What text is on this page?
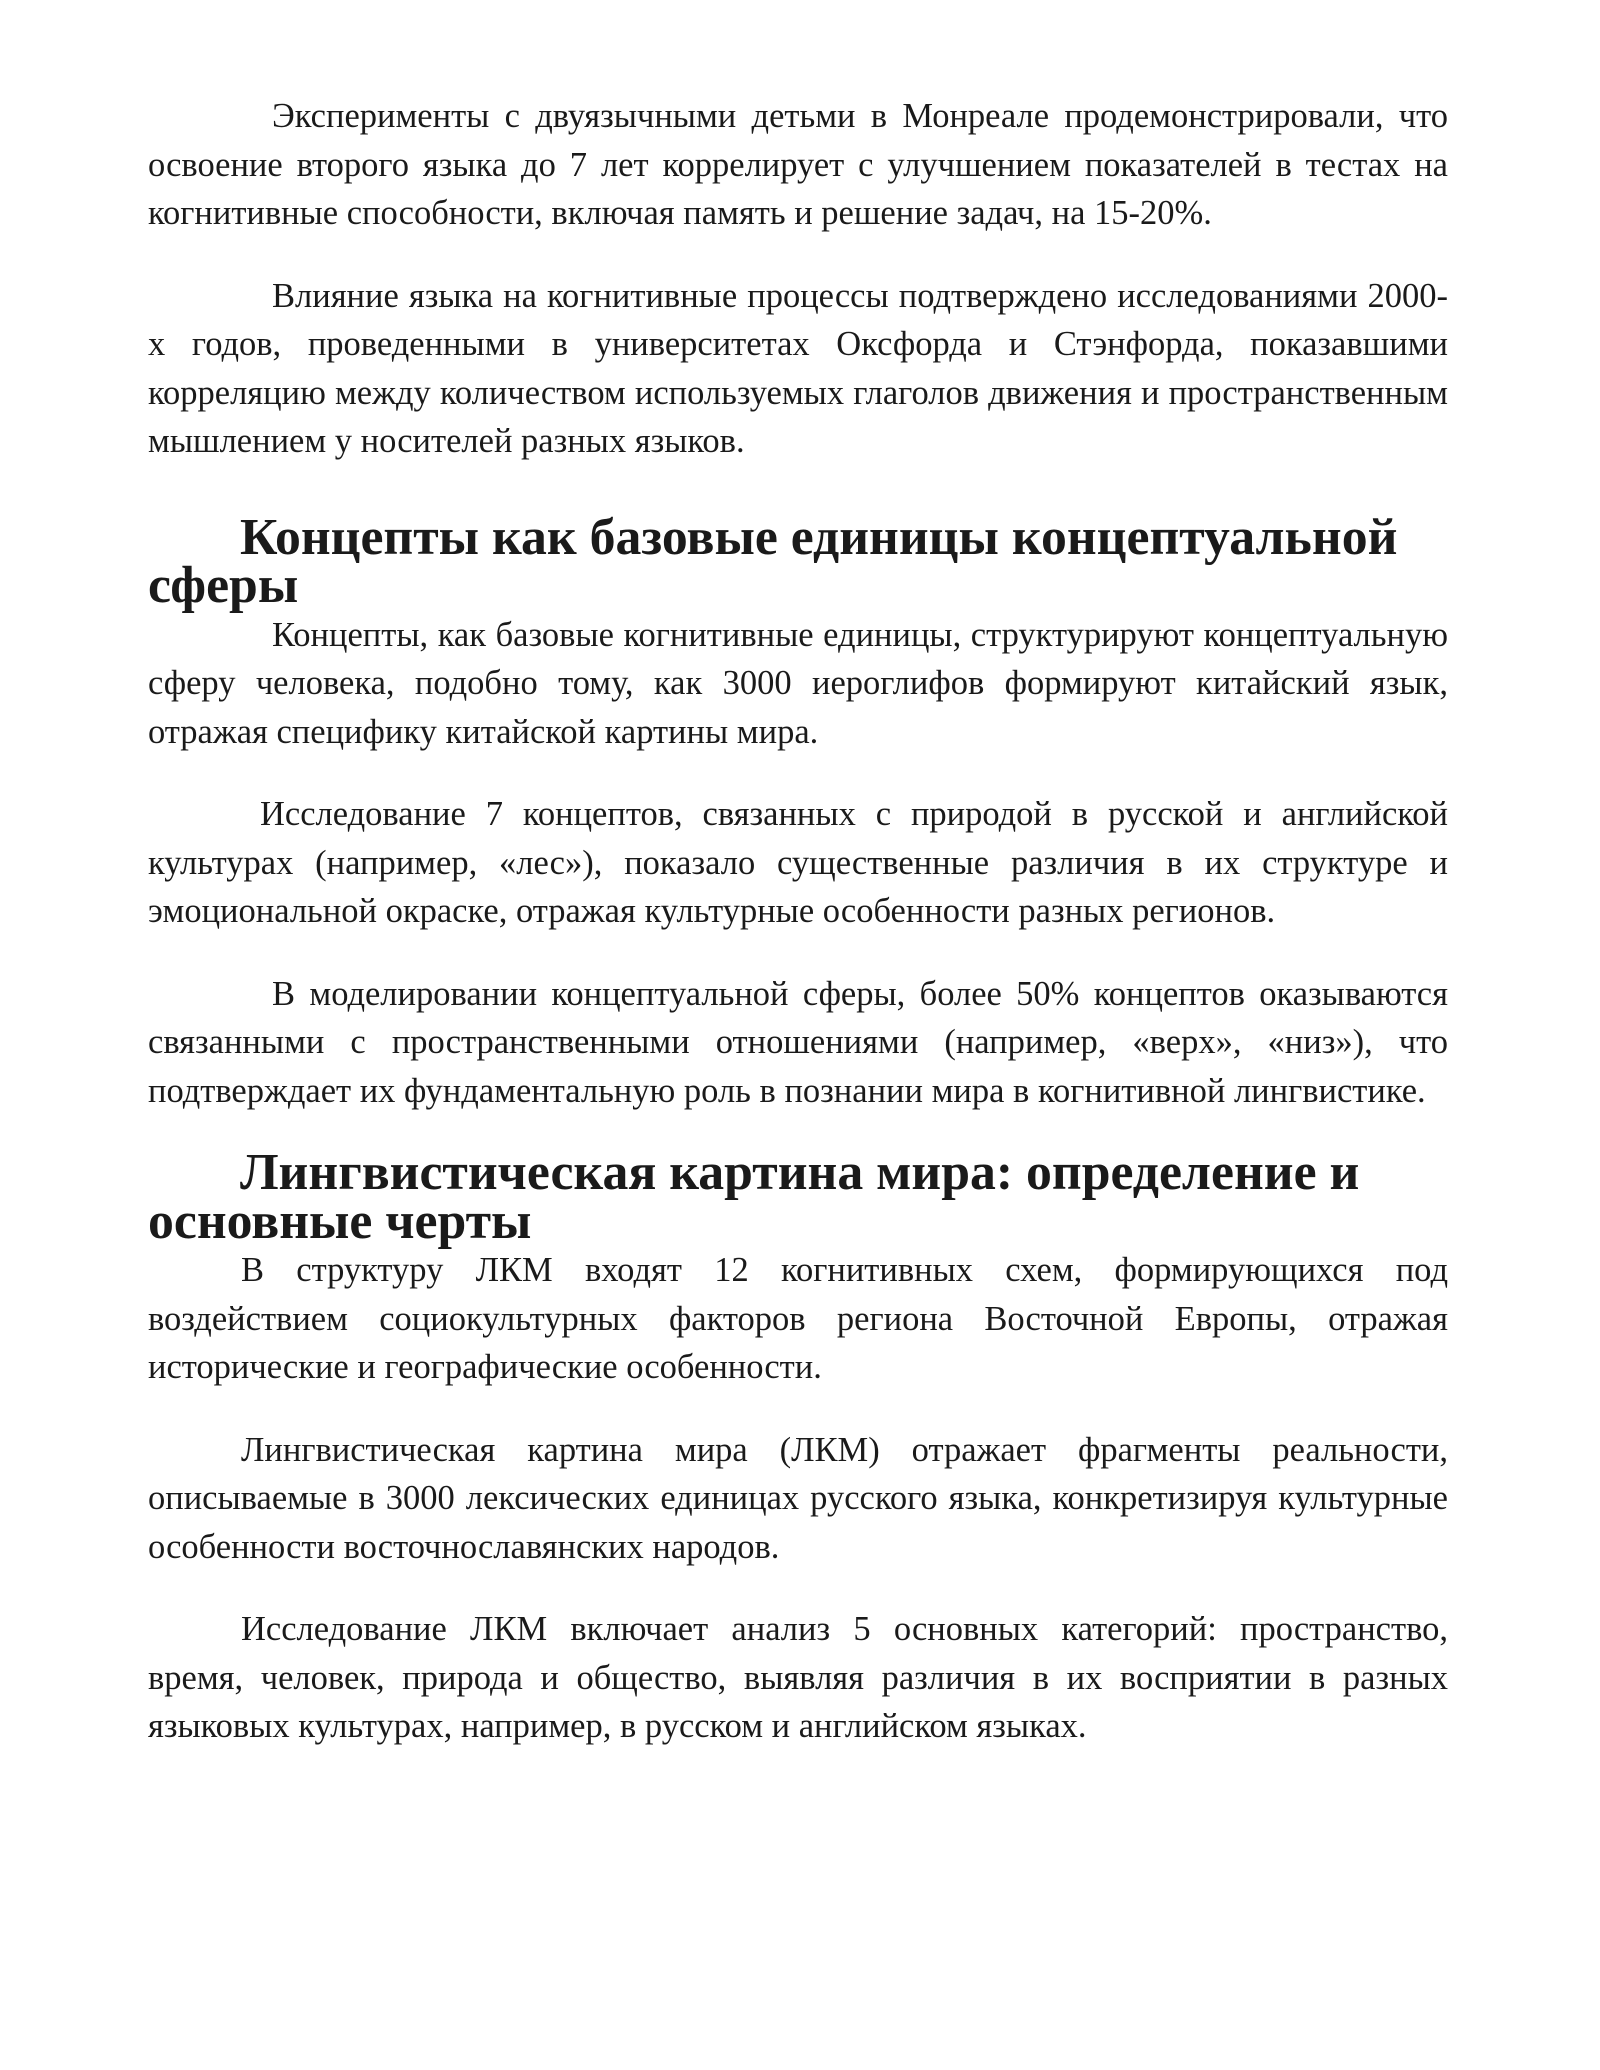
Эксперименты с двуязычными детьми в Монреале продемонстрировали, что освоение второго языка до 7 лет коррелирует с улучшением показателей в тестах на когнитивные способности, включая память и решение задач, на 15-20%.

Влияние языка на когнитивные процессы подтверждено исследованиями 2000-х годов, проведенными в университетах Оксфорда и Стэнфорда, показавшими корреляцию между количеством используемых глаголов движения и пространственным мышлением у носителей разных языков.

Концепты как базовые единицы концептуальной сферы

Концепты, как базовые когнитивные единицы, структурируют концептуальную сферу человека, подобно тому, как 3000 иероглифов формируют китайский язык, отражая специфику китайской картины мира.

Исследование 7 концептов, связанных с природой в русской и английской культурах (например, «лес»), показало существенные различия в их структуре и эмоциональной окраске, отражая культурные особенности разных регионов.

В моделировании концептуальной сферы, более 50% концептов оказываются связанными с пространственными отношениями (например, «верх», «низ»), что подтверждает их фундаментальную роль в познании мира в когнитивной лингвистике.

Лингвистическая картина мира: определение и основные черты

В структуру ЛКМ входят 12 когнитивных схем, формирующихся под воздействием социокультурных факторов региона Восточной Европы, отражая исторические и географические особенности.

Лингвистическая картина мира (ЛКМ) отражает фрагменты реальности, описываемые в 3000 лексических единицах русского языка, конкретизируя культурные особенности восточнославянских народов.

Исследование ЛКМ включает анализ 5 основных категорий: пространство, время, человек, природа и общество, выявляя различия в их восприятии в разных языковых культурах, например, в русском и английском языках.
